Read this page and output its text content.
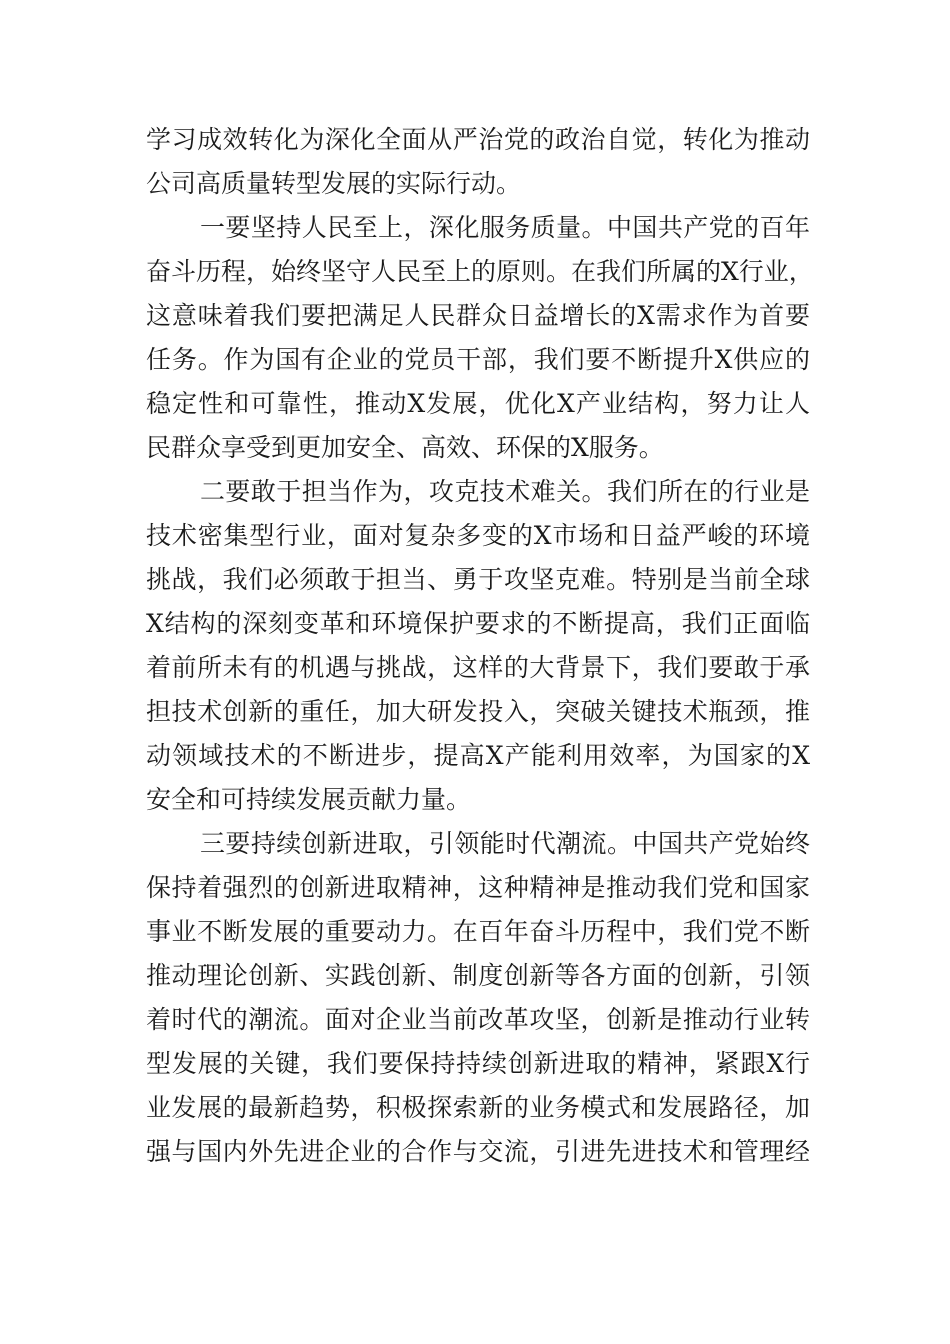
学习成效转化为深化全面从严治党的政治自觉，转化为推动
公司高质量转型发展的实际行动。
一要坚持人民至上，深化服务质量。中国共产党的百年
奋斗历程，始终坚守人民至上的原则。在我们所属的X行业，
这意味着我们要把满足人民群众日益增长的X需求作为首要
任务。作为国有企业的党员干部，我们要不断提升X供应的
稳定性和可靠性，推动X发展，优化X产业结构，努力让人
民群众享受到更加安全、高效、环保的X服务。
二要敢于担当作为，攻克技术难关。我们所在的行业是
技术密集型行业，面对复杂多变的X市场和日益严峻的环境
挑战，我们必须敢于担当、勇于攻坚克难。特别是当前全球
X结构的深刻变革和环境保护要求的不断提高，我们正面临
着前所未有的机遇与挑战，这样的大背景下，我们要敢于承
担技术创新的重任，加大研发投入，突破关键技术瓶颈，推
动领域技术的不断进步，提高X产能利用效率，为国家的X
安全和可持续发展贡献力量。
三要持续创新进取，引领能时代潮流。中国共产党始终
保持着强烈的创新进取精神，这种精神是推动我们党和国家
事业不断发展的重要动力。在百年奋斗历程中，我们党不断
推动理论创新、实践创新、制度创新等各方面的创新，引领
着时代的潮流。面对企业当前改革攻坚，创新是推动行业转
型发展的关键，我们要保持持续创新进取的精神，紧跟X行
业发展的最新趋势，积极探索新的业务模式和发展路径，加
强与国内外先进企业的合作与交流，引进先进技术和管理经
